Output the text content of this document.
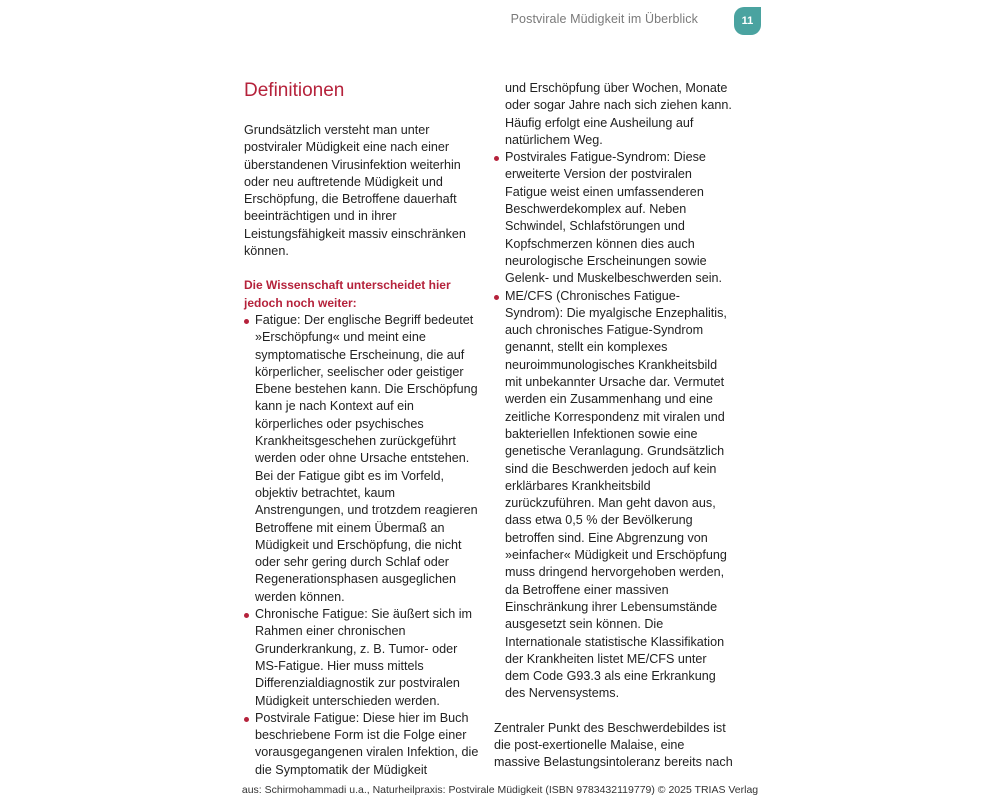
Postvirale Müdigkeit im Überblick	11
Definitionen

Grundsätzlich versteht man unter postviraler Müdigkeit eine nach einer überstandenen Virusinfektion weiterhin oder neu auftretende Müdigkeit und Erschöpfung, die Betroffene dauerhaft beeinträchtigen und in ihrer Leistungsfähigkeit massiv einschränken können.

Die Wissenschaft unterscheidet hier jedoch noch weiter:

Fatigue: Der englische Begriff bedeutet »Erschöpfung« und meint eine symptomatische Erscheinung, die auf körperlicher, seelischer oder geistiger Ebene bestehen kann. Die Erschöpfung kann je nach Kontext auf ein körperliches oder psychisches Krankheitsgeschehen zurückgeführt werden oder ohne Ursache entstehen. Bei der Fatigue gibt es im Vorfeld, objektiv betrachtet, kaum Anstrengungen, und trotzdem reagieren Betroffene mit einem Übermaß an Müdigkeit und Erschöpfung, die nicht oder sehr gering durch Schlaf oder Regenerationsphasen ausgeglichen werden können.
Chronische Fatigue: Sie äußert sich im Rahmen einer chronischen Grunderkrankung, z. B. Tumor- oder MS-Fatigue. Hier muss mittels Differenzialdiagnostik zur postviralen Müdigkeit unterschieden werden.
Postvirale Fatigue: Diese hier im Buch beschriebene Form ist die Folge einer vorausgegangenen viralen Infektion, die die Symptomatik der Müdigkeit
und Erschöpfung über Wochen, Monate oder sogar Jahre nach sich ziehen kann. Häufig erfolgt eine Ausheilung auf natürlichem Weg.
Postvirales Fatigue-Syndrom: Diese erweiterte Version der postviralen Fatigue weist einen umfassenderen Beschwerdekomplex auf. Neben Schwindel, Schlafstörungen und Kopfschmerzen können dies auch neurologische Erscheinungen sowie Gelenk- und Muskelbeschwerden sein.
ME/CFS (Chronisches Fatigue-Syndrom): Die myalgische Enzephalitis, auch chronisches Fatigue-Syndrom genannt, stellt ein komplexes neuroimmunologisches Krankheitsbild mit unbekannter Ursache dar. Vermutet werden ein Zusammenhang und eine zeitliche Korrespondenz mit viralen und bakteriellen Infektionen sowie eine genetische Veranlagung. Grundsätzlich sind die Beschwerden jedoch auf kein erklärbares Krankheitsbild zurückzuführen. Man geht davon aus, dass etwa 0,5 % der Bevölkerung betroffen sind. Eine Abgrenzung von »einfacher« Müdigkeit und Erschöpfung muss dringend hervorgehoben werden, da Betroffene einer massiven Einschränkung ihrer Lebensumstände ausgesetzt sein können. Die Internationale statistische Klassifikation der Krankheiten listet ME/CFS unter dem Code G93.3 als eine Erkrankung des Nervensystems.

Zentraler Punkt des Beschwerdebildes ist die post-exertionelle Malaise, eine massive Belastungsintoleranz bereits nach

aus: Schirmohammadi u.a., Naturheilpraxis: Postvirale Müdigkeit (ISBN 9783432119779) © 2025 TRIAS Verlag
